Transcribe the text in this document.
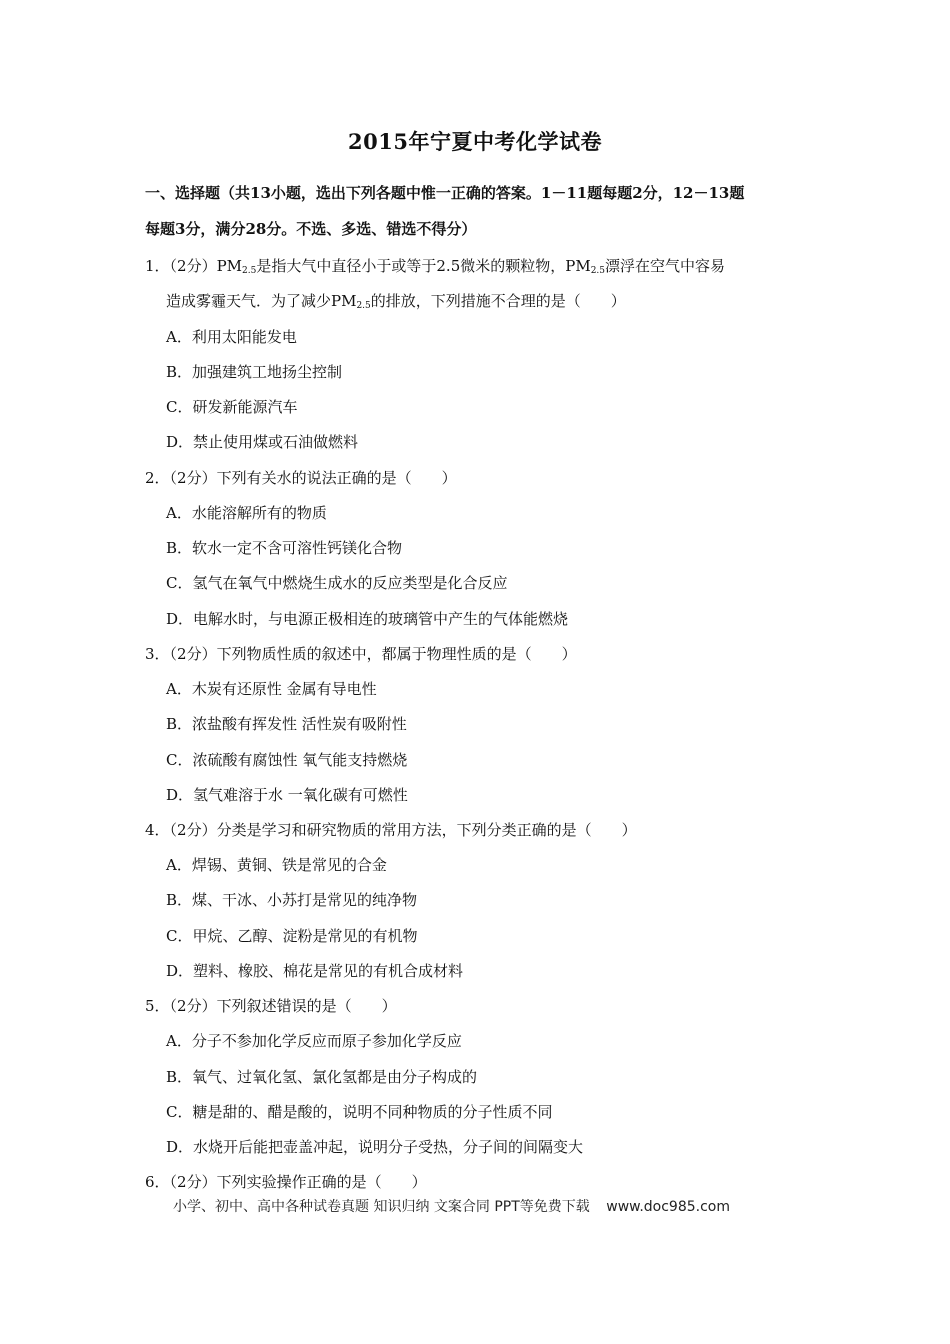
2015年宁夏中考化学试卷
一、选择题（共13小题，选出下列各题中惟一正确的答案。1－11题每题2分，12－13题
每题3分，满分28分。不选、多选、错选不得分）
1．（2分）$PM_{2.5}$是指大气中直径小于或等于2.5微米的颗粒物，$PM_{2.5}$漂浮在空气中容易
造成雾霾天气．为了减少$PM_{2.5}$的排放，下列措施不合理的是（　　）
A．利用太阳能发电
B．加强建筑工地扬尘控制
C．研发新能源汽车
D．禁止使用煤或石油做燃料
2．（2分）下列有关水的说法正确的是（　　）
A．水能溶解所有的物质
B．软水一定不含可溶性钙镁化合物
C．氢气在氧气中燃烧生成水的反应类型是化合反应
D．电解水时，与电源正极相连的玻璃管中产生的气体能燃烧
3．（2分）下列物质性质的叙述中，都属于物理性质的是（　　）
A．木炭有还原性 金属有导电性
B．浓盐酸有挥发性 活性炭有吸附性
C．浓硫酸有腐蚀性 氧气能支持燃烧
D．氢气难溶于水 一氧化碳有可燃性
4．（2分）分类是学习和研究物质的常用方法，下列分类正确的是（　　）
A．焊锡、黄铜、铁是常见的合金
B．煤、干冰、小苏打是常见的纯净物
C．甲烷、乙醇、淀粉是常见的有机物
D．塑料、橡胶、棉花是常见的有机合成材料
5．（2分）下列叙述错误的是（　　）
A．分子不参加化学反应而原子参加化学反应
B．氧气、过氧化氢、氯化氢都是由分子构成的
C．糖是甜的、醋是酸的，说明不同种物质的分子性质不同
D．水烧开后能把壶盖冲起，说明分子受热，分子间的间隔变大
6．（2分）下列实验操作正确的是（　　）
小学、初中、高中各种试卷真题 知识归纳 文案合同 PPT等免费下载 www.doc985.com
